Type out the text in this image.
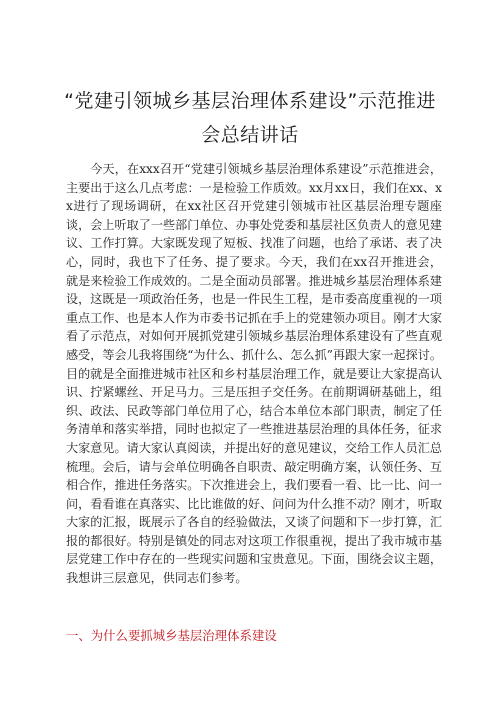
“党建引领城乡基层治理体系建设”示范推进
会总结讲话

今天，在xxx召开“党建引领城乡基层治理体系建设”示范推进会，主要出于这么几点考虑：一是检验工作质效。xx月xx日，我们在xx、xx进行了现场调研，在xx社区召开党建引领城市社区基层治理专题座谈，会上听取了一些部门单位、办事处党委和基层社区负责人的意见建议、工作打算。大家既发现了短板、找准了问题，也给了承诺、表了决心，同时，我也下了任务、提了要求。今天，我们在xx召开推进会，就是来检验工作成效的。二是全面动员部署。推进城乡基层治理体系建设，这既是一项政治任务，也是一件民生工程，是市委高度重视的一项重点工作、也是本人作为市委书记抓在手上的党建领办项目。刚才大家看了示范点，对如何开展抓党建引领城乡基层治理体系建设有了些直观感受，等会儿我将围绕“为什么、抓什么、怎么抓”再跟大家一起探讨。目的就是全面推进城市社区和乡村基层治理工作，就是要让大家提高认识、拧紧螺丝、开足马力。三是压担子交任务。在前期调研基础上，组织、政法、民政等部门单位用了心，结合本单位本部门职责，制定了任务清单和落实举措，同时也拟定了一些推进基层治理的具体任务，征求大家意见。请大家认真阅读，并提出好的意见建议，交给工作人员汇总梳理。会后，请与会单位明确各自职责、敲定明确方案，认领任务、互相合作，推进任务落实。下次推进会上，我们要看一看、比一比、问一问，看看谁在真落实、比比谁做的好、问问为什么推不动？刚才，听取大家的汇报，既展示了各自的经验做法，又谈了问题和下一步打算，汇报的都很好。特别是镇处的同志对这项工作很重视，提出了我市城市基层党建工作中存在的一些现实问题和宝贵意见。下面，围绕会议主题，我想讲三层意见，供同志们参考。

一、为什么要抓城乡基层治理体系建设
